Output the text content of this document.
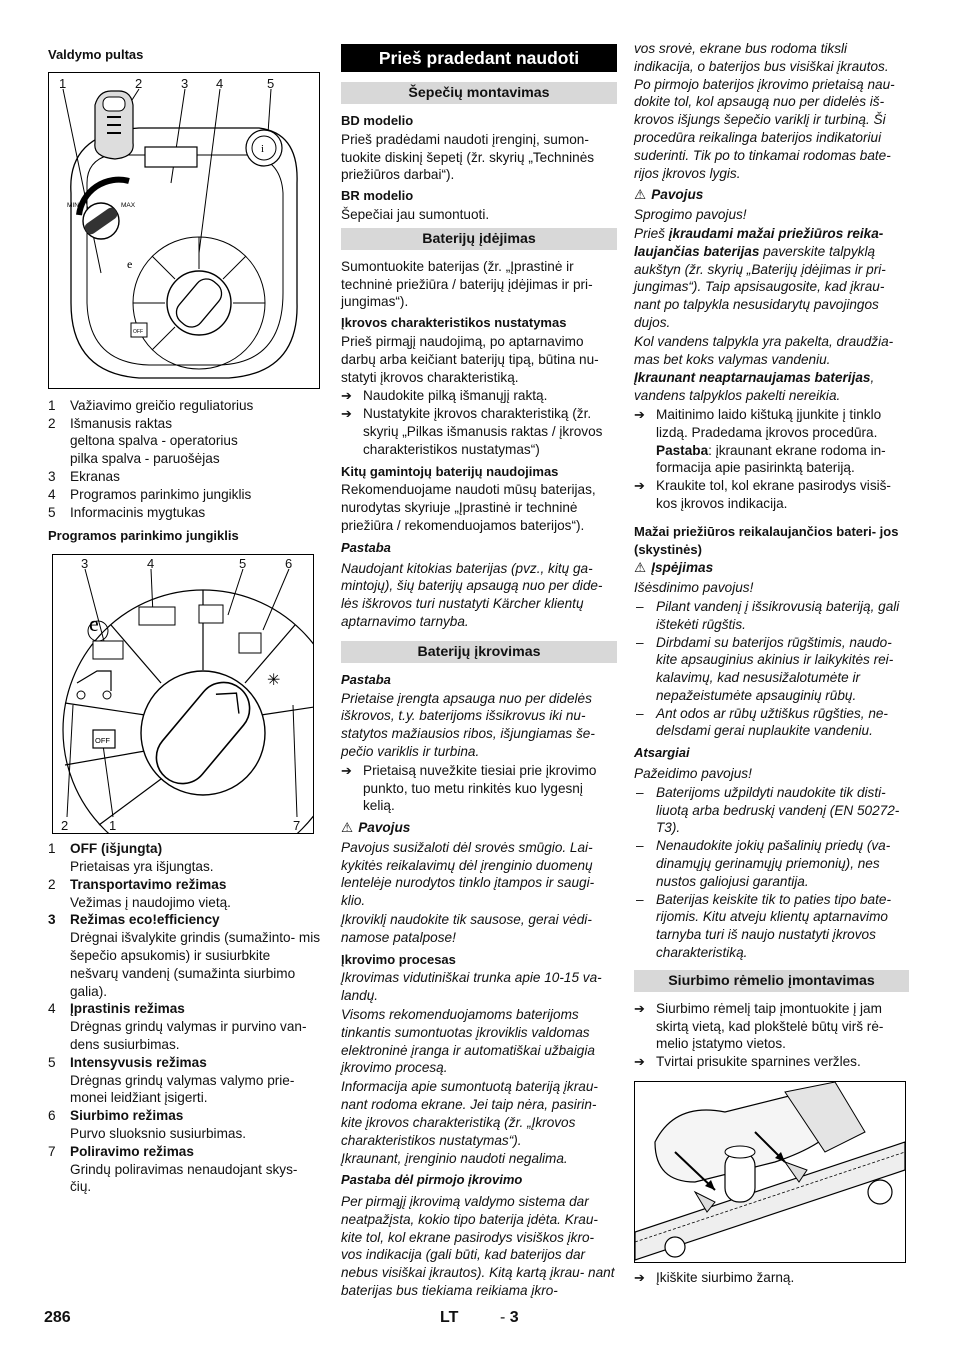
Valdymo pultas
1	2	3 4	5
i
MIN	MAX
OFF
e
1 Važiavimo greičio reguliatorius
2 Išmanusis raktas
geltona spalva - operatorius
pilka spalva - paruošėjas
3 Ekranas
4 Programos parinkimo jungiklis
5 Informacinis mygtukas
Programos parinkimo jungiklis
3	4	5	6
2	1	7
OFF
e
✳
1 OFF (išjungta)
Prietaisas yra išjungtas.
2 Transportavimo režimas
Vežimas į naudojimo vietą.
3 Režimas eco!efficiency
Drėgnai išvalykite grindis (sumažinto- mis šepečio apsukomis) ir susiurbkite nešvarų vandenį (sumažinta siurbimo galia).
4 Įprastinis režimas
Drėgnas grindų valymas ir purvino van- dens susiurbimas.
5 Intensyvusis režimas
Drėgnas grindų valymas valymo prie- monei leidžiant įsigerti.
6 Siurbimo režimas
Purvo sluoksnio susiurbimas.
7 Poliravimo režimas
Grindų poliravimas nenaudojant skys- čių.
Prieš pradedant naudoti
Šepečių montavimas
BD modelio
Prieš pradėdami naudoti įrenginį, sumon- tuokite diskinį šepetį (žr. skyrių „Techninės priežiūros darbai“).
BR modelio
Šepečiai jau sumontuoti.
Baterijų įdėjimas
Sumontuokite baterijas (žr. „Įprastinė ir techninė priežiūra / baterijų įdėjimas ir pri- jungimas“).
Įkrovos charakteristikos nustatymas
Prieš pirmąjį naudojimą, po aptarnavimo darbų arba keičiant baterijų tipą, būtina nu- statyti įkrovos charakteristiką.
➔ Naudokite pilką išmanųjį raktą.
➔ Nustatykite įkrovos charakteristiką (žr. skyrių „Pilkas išmanusis raktas / įkrovos charakteristikos nustatymas“)
Kitų gamintojų baterijų naudojimas
Rekomenduojame naudoti mūsų baterijas, nurodytas skyriuje „Įprastinė ir techninė priežiūra / rekomenduojamos baterijos“).
Pastaba
Naudojant kitokias baterijas (pvz., kitų ga- mintojų), šių baterijų apsaugą nuo per dide- lės iškrovos turi nustatyti Kärcher klientų aptarnavimo tarnyba.
Baterijų įkrovimas
Pastaba
Prietaise įrengta apsauga nuo per didelės iškrovos, t.y. baterijoms išsikrovus iki nu- statytos mažiausios ribos, išjungiamas še- pečio variklis ir turbina.
➔ Prietaisą nuvežkite tiesiai prie įkrovimo punkto, tuo metu rinkitės kuo lygesnį kelią.
⚠ Pavojus
Pavojus susižaloti dėl srovės smūgio. Lai- kykitės reikalavimų dėl įrenginio duomenų lentelėje nurodytos tinklo įtampos ir saugi- klio.
Įkroviklį naudokite tik sausose, gerai vėdi- namose patalpose!
Įkrovimo procesas
Įkrovimas vidutiniškai trunka apie 10-15 va- landų.
Visoms rekomenduojamoms baterijoms tinkantis sumontuotas įkroviklis valdomas elektroninė įranga ir automatiškai užbaigia įkrovimo procesą.
Informacija apie sumontuotą bateriją įkrau- nant rodoma ekrane. Jei taip nėra, pasirin- kite įkrovos charakteristiką (žr. „Įkrovos charakteristikos nustatymas“).
Įkraunant, įrenginio naudoti negalima.
Pastaba dėl pirmojo įkrovimo
Per pirmąjį įkrovimą valdymo sistema dar neatpažįsta, kokio tipo baterija įdėta. Krau- kite tol, kol ekrane pasirodys visiškos įkro- vos indikacija (gali būti, kad baterijos dar nebus visiškai įkrautos). Kitą kartą įkrau- nant baterijas bus tiekiama reikiama įkro-
vos srovė, ekrane bus rodoma tiksli indikacija, o baterijos bus visiškai įkrautos. Po pirmojo baterijos įkrovimo prietaisą nau- dokite tol, kol apsaugą nuo per didelės iš- krovos išjungs šepečio variklį ir turbiną. Ši procedūra reikalinga baterijos indikatoriui suderinti. Tik po to tinkamai rodomas bate- rijos įkrovos lygis.
⚠ Pavojus
Sprogimo pavojus!
Prieš įkraudami mažai priežiūros reika- laujančias baterijas paverskite talpyklą aukštyn (žr. skyrių „Baterijų įdėjimas ir pri- jungimas“). Taip apsisaugosite, kad įkrau- nant po talpykla nesusidarytų pavojingos dujos.
Kol vandens talpykla yra pakelta, draudžia- mas bet koks valymas vandeniu.
Įkraunant neaptarnaujamas baterijas, vandens talpyklos pakelti nereikia.
➔ Maitinimo laido kištuką įjunkite į tinklo lizdą. Pradedama įkrovos procedūra.
Pastaba: įkraunant ekrane rodoma in- formacija apie pasirinktą bateriją.
➔ Kraukite tol, kol ekrane pasirodys visiš- kos įkrovos indikacija.
Mažai priežiūros reikalaujančios bateri- jos (skystinės)
⚠ Įspėjimas
Išėsdinimo pavojus!
– Pilant vandenį į išsikrovusią bateriją, gali ištekėti rūgštis.
– Dirbdami su baterijos rūgštimis, naudo- kite apsauginius akinius ir laikykitės rei- kalavimų, kad nesusižalotumėte ir nepažeistumėte apsauginių rūbų.
– Ant odos ar rūbų užtiškus rūgšties, ne- delsdami gerai nuplaukite vandeniu.
Atsargiai
Pažeidimo pavojus!
– Baterijoms užpildyti naudokite tik disti- liuotą arba bedruskį vandenį (EN 50272-T3).
– Nenaudokite jokių pašalinių priedų (va- dinamųjų gerinamųjų priemonių), nes nustos galiojusi garantija.
– Baterijas keiskite tik to paties tipo bate- rijomis. Kitu atveju klientų aptarnavimo tarnyba turi iš naujo nustatyti įkrovos charakteristiką.
Siurbimo rėmelio įmontavimas
➔ Siurbimo rėmelį taip įmontuokite į jam skirtą vietą, kad plokštelė būtų virš rė- melio įstatymo vietos.
➔ Tvirtai prisukite sparnines veržles.
➔ Įkiškite siurbimo žarną.
286	LT	- 3
